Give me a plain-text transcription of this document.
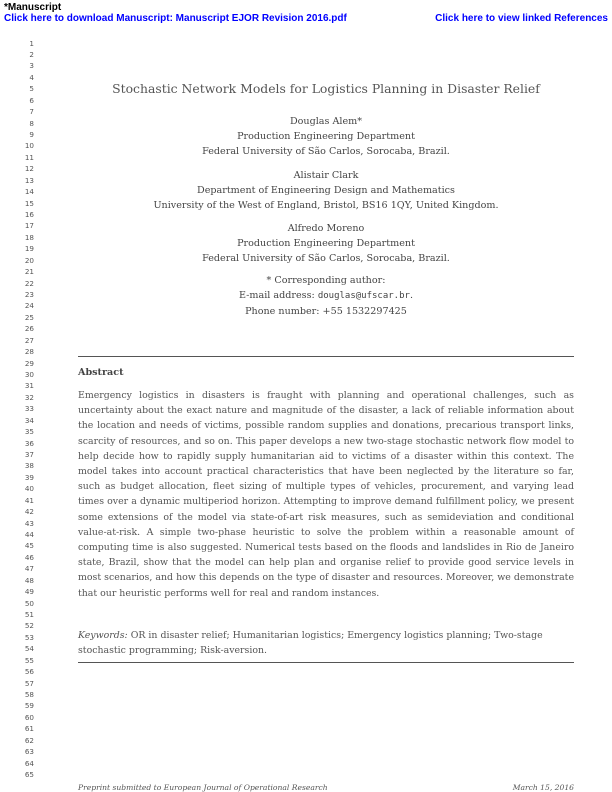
*Manuscript
Click here to download Manuscript: Manuscript EJOR Revision 2016.pdf	Click here to view linked References
1
2
3
4
5
6
7
8
9
10
11
12
13
14
15
16
17
18
19
20
21
22
23
24
25
26
27
28
29
30
31
32
33
34
35
36
37
38
39
40
41
42
43
44
45
46
47
48
49
50
51
52
53
54
55
56
57
58
59
60
61
62
63
64
65
Stochastic Network Models for Logistics Planning in Disaster Relief
Douglas Alem*
Production Engineering Department
Federal University of São Carlos, Sorocaba, Brazil.
Alistair Clark
Department of Engineering Design and Mathematics
University of the West of England, Bristol, BS16 1QY, United Kingdom.
Alfredo Moreno
Production Engineering Department
Federal University of São Carlos, Sorocaba, Brazil.
* Corresponding author:
E-mail address: douglas@ufscar.br.
Phone number: +55 1532297425
Abstract

Emergency logistics in disasters is fraught with planning and operational challenges, such as uncertainty about the exact nature and magnitude of the disaster, a lack of reliable information about the location and needs of victims, possible random supplies and donations, precarious transport links, scarcity of resources, and so on. This paper develops a new two-stage stochastic network flow model to help decide how to rapidly supply humanitarian aid to victims of a disaster within this context. The model takes into account practical characteristics that have been neglected by the literature so far, such as budget allocation, fleet sizing of multiple types of vehicles, procurement, and varying lead times over a dynamic multiperiod horizon. Attempting to improve demand fulfillment policy, we present some extensions of the model via state-of-art risk measures, such as semideviation and conditional value-at-risk. A simple two-phase heuristic to solve the problem within a reasonable amount of computing time is also suggested. Numerical tests based on the floods and landslides in Rio de Janeiro state, Brazil, show that the model can help plan and organise relief to provide good service levels in most scenarios, and how this depends on the type of disaster and resources. Moreover, we demonstrate that our heuristic performs well for real and random instances.

Keywords: OR in disaster relief; Humanitarian logistics; Emergency logistics planning; Two-stage stochastic programming; Risk-aversion.

Preprint submitted to European Journal of Operational Research	March 15, 2016
